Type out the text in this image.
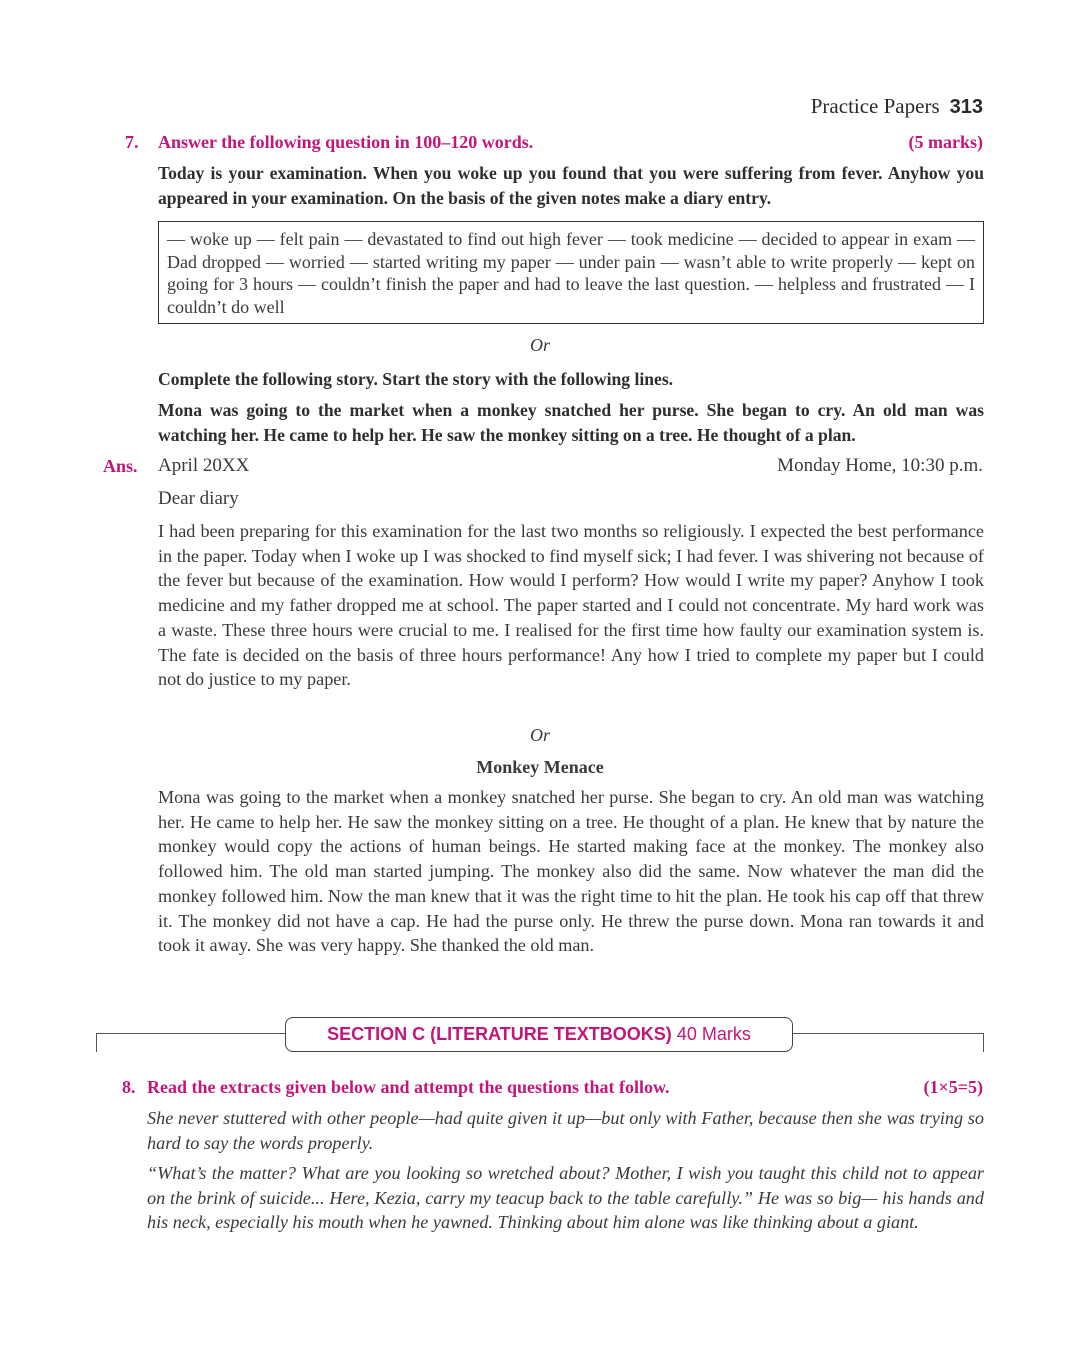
Practice Papers 313
7. Answer the following question in 100–120 words.	(5 marks)
Today is your examination. When you woke up you found that you were suffering from fever. Anyhow you appeared in your examination. On the basis of the given notes make a diary entry.
— woke up — felt pain — devastated to find out high fever — took medicine — decided to appear in exam — Dad dropped — worried — started writing my paper — under pain — wasn’t able to write properly — kept on going for 3 hours — couldn’t finish the paper and had to leave the last question. — helpless and frustrated — I couldn’t do well
Or
Complete the following story. Start the story with the following lines.
Mona was going to the market when a monkey snatched her purse. She began to cry. An old man was watching her. He came to help her. He saw the monkey sitting on a tree. He thought of a plan.
Ans. April 20XX	Monday Home, 10:30 p.m.
Dear diary
I had been preparing for this examination for the last two months so religiously. I expected the best performance in the paper. Today when I woke up I was shocked to find myself sick; I had fever. I was shivering not because of the fever but because of the examination. How would I perform? How would I write my paper? Anyhow I took medicine and my father dropped me at school. The paper started and I could not concentrate. My hard work was a waste. These three hours were crucial to me. I realised for the first time how faulty our examination system is. The fate is decided on the basis of three hours performance! Any how I tried to complete my paper but I could not do justice to my paper.
Or
Monkey Menace
Mona was going to the market when a monkey snatched her purse. She began to cry. An old man was watching her. He came to help her. He saw the monkey sitting on a tree. He thought of a plan. He knew that by nature the monkey would copy the actions of human beings. He started making face at the monkey. The monkey also followed him. The old man started jumping. The monkey also did the same. Now whatever the man did the monkey followed him. Now the man knew that it was the right time to hit the plan. He took his cap off that threw it. The monkey did not have a cap. He had the purse only. He threw the purse down. Mona ran towards it and took it away. She was very happy. She thanked the old man.
SECTION C (LITERATURE TEXTBOOKS) 40 Marks
8. Read the extracts given below and attempt the questions that follow.	(1×5=5)
She never stuttered with other people—had quite given it up—but only with Father, because then she was trying so hard to say the words properly.
“What’s the matter? What are you looking so wretched about? Mother, I wish you taught this child not to appear on the brink of suicide... Here, Kezia, carry my teacup back to the table carefully.” He was so big— his hands and his neck, especially his mouth when he yawned. Thinking about him alone was like thinking about a giant.
